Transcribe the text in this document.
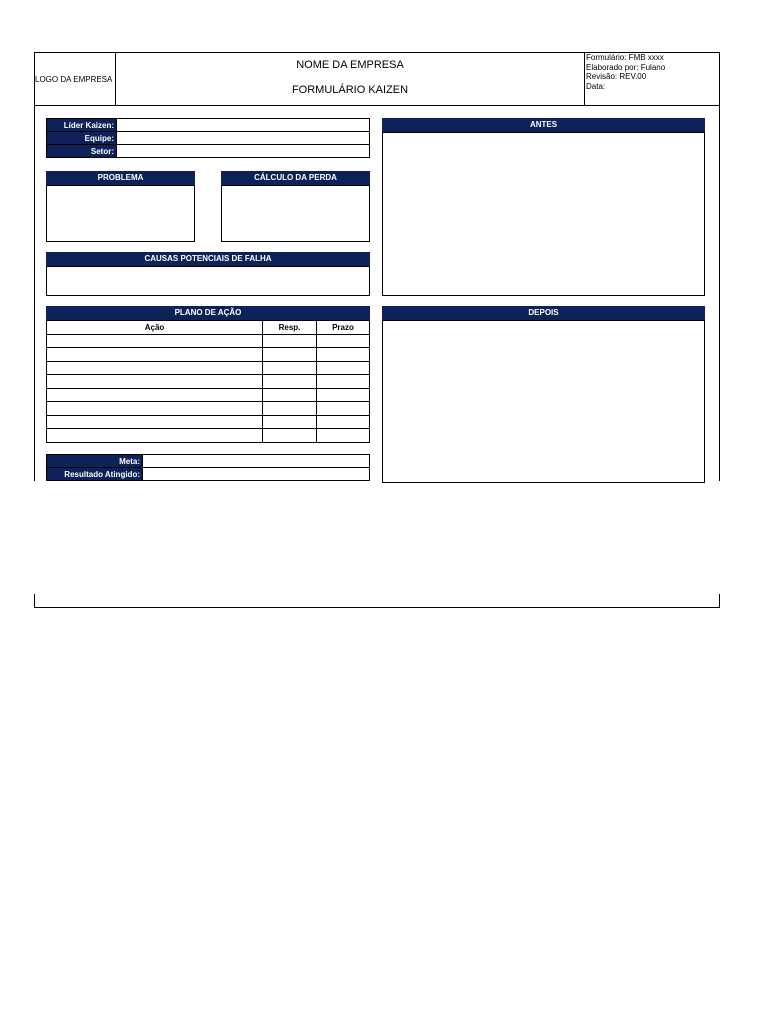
LOGO DA EMPRESA
NOME DA EMPRESA
FORMULÁRIO KAIZEN
Formulário: FMB xxxx
Elaborado por: Fulano
Revisão: REV.00
Data:
Líder Kaizen:	
Equipe:	
Setor:	
PROBLEMA	CÁLCULO DA PERDA
CAUSAS POTENCIAIS DE FALHA
ANTES
PLANO DE AÇÃO
Ação	Resp.	Prazo

DEPOIS
Meta:	
Resultado Atingido:	
